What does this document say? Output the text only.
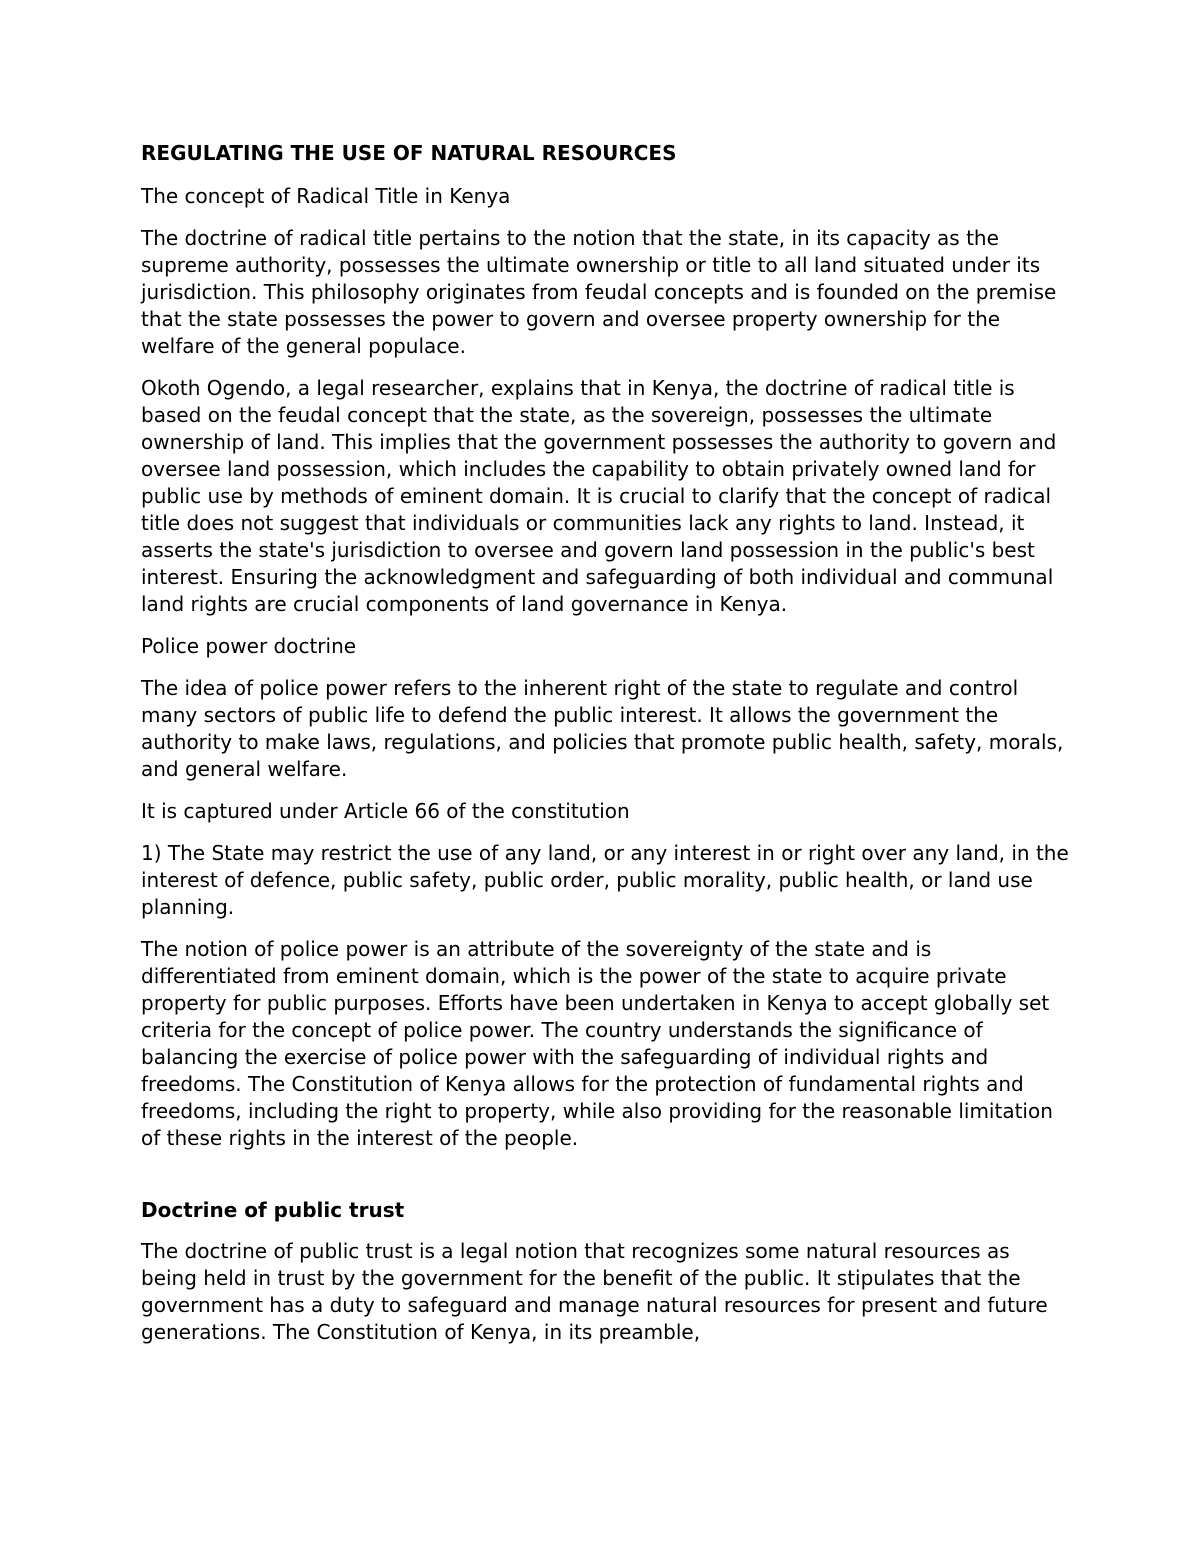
REGULATING THE USE OF NATURAL RESOURCES
The concept of Radical Title in Kenya
The doctrine of radical title pertains to the notion that the state, in its capacity as the supreme authority, possesses the ultimate ownership or title to all land situated under its jurisdiction. This philosophy originates from feudal concepts and is founded on the premise that the state possesses the power to govern and oversee property ownership for the welfare of the general populace.
Okoth Ogendo, a legal researcher, explains that in Kenya, the doctrine of radical title is based on the feudal concept that the state, as the sovereign, possesses the ultimate ownership of land. This implies that the government possesses the authority to govern and oversee land possession, which includes the capability to obtain privately owned land for public use by methods of eminent domain. It is crucial to clarify that the concept of radical title does not suggest that individuals or communities lack any rights to land. Instead, it asserts the state's jurisdiction to oversee and govern land possession in the public's best interest. Ensuring the acknowledgment and safeguarding of both individual and communal land rights are crucial components of land governance in Kenya.
Police power doctrine
The idea of police power refers to the inherent right of the state to regulate and control many sectors of public life to defend the public interest. It allows the government the authority to make laws, regulations, and policies that promote public health, safety, morals, and general welfare.
It is captured under Article 66 of the constitution
1) The State may restrict the use of any land, or any interest in or right over any land, in the interest of defence, public safety, public order, public morality, public health, or land use planning.
The notion of police power is an attribute of the sovereignty of the state and is differentiated from eminent domain, which is the power of the state to acquire private property for public purposes. Efforts have been undertaken in Kenya to accept globally set criteria for the concept of police power. The country understands the significance of balancing the exercise of police power with the safeguarding of individual rights and freedoms. The Constitution of Kenya allows for the protection of fundamental rights and freedoms, including the right to property, while also providing for the reasonable limitation of these rights in the interest of the people.
Doctrine of public trust
The doctrine of public trust is a legal notion that recognizes some natural resources as being held in trust by the government for the benefit of the public. It stipulates that the government has a duty to safeguard and manage natural resources for present and future generations. The Constitution of Kenya, in its preamble,
